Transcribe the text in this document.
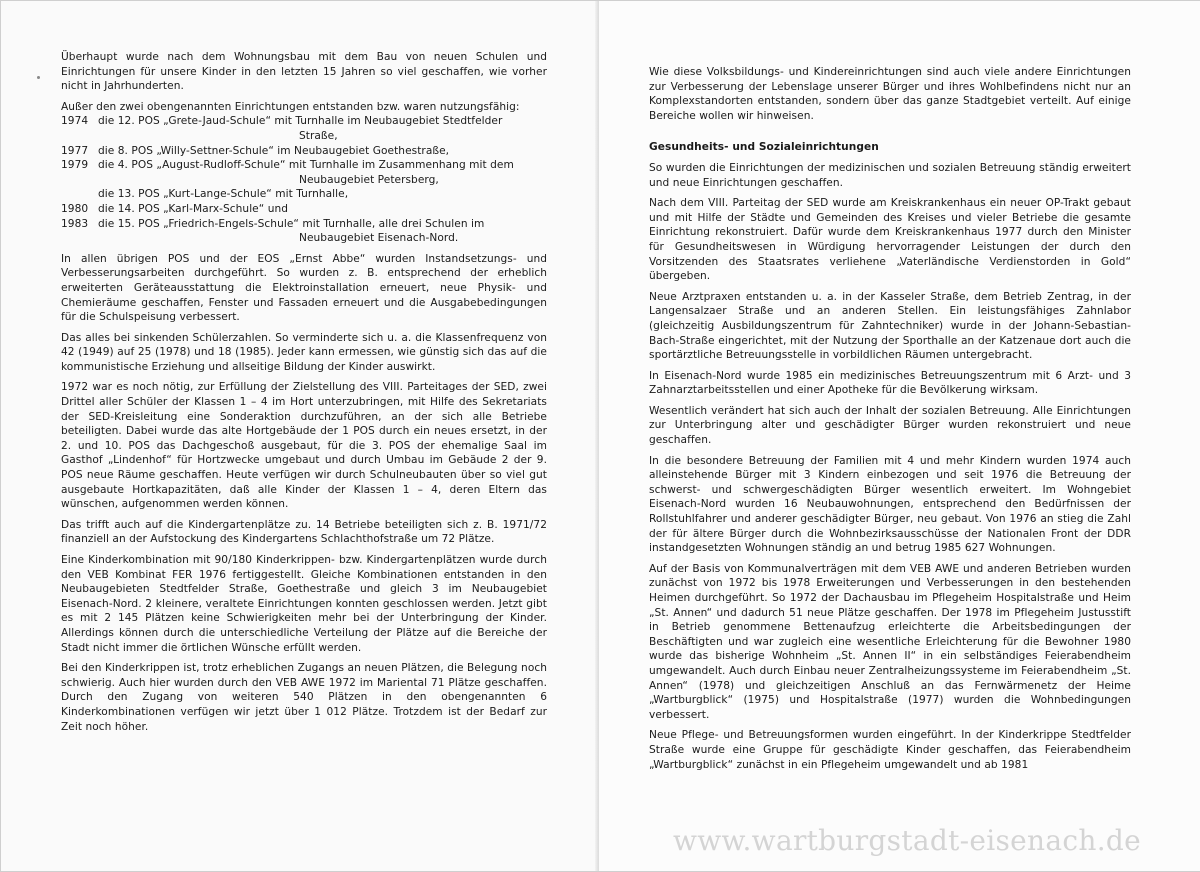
Überhaupt wurde nach dem Wohnungsbau mit dem Bau von neuen Schulen und Einrichtungen für unsere Kinder in den letzten 15 Jahren so viel geschaffen, wie vorher nicht in Jahrhunderten.

Außer den zwei obengenannten Einrichtungen entstanden bzw. waren nutzungsfähig:

1974 die 12. POS „Grete-Jaud-Schule“ mit Turnhalle im Neubaugebiet Stedtfelder
Straße,
1977 die 8. POS „Willy-Settner-Schule“ im Neubaugebiet Goethestraße,
1979 die 4. POS „August-Rudloff-Schule“ mit Turnhalle im Zusammenhang mit dem
Neubaugebiet Petersberg,
die 13. POS „Kurt-Lange-Schule“ mit Turnhalle,
1980 die 14. POS „Karl-Marx-Schule“ und
1983 die 15. POS „Friedrich-Engels-Schule“ mit Turnhalle, alle drei Schulen im
Neubaugebiet Eisenach-Nord.

In allen übrigen POS und der EOS „Ernst Abbe“ wurden Instandsetzungs- und Verbesserungsarbeiten durchgeführt. So wurden z. B. entsprechend der erheblich erweiterten Geräteausstattung die Elektroinstallation erneuert, neue Physik- und Chemieräume geschaffen, Fenster und Fassaden erneuert und die Ausgabebedingungen für die Schulspeisung verbessert.

Das alles bei sinkenden Schülerzahlen. So verminderte sich u. a. die Klassenfrequenz von 42 (1949) auf 25 (1978) und 18 (1985). Jeder kann ermessen, wie günstig sich das auf die kommunistische Erziehung und allseitige Bildung der Kinder auswirkt.

1972 war es noch nötig, zur Erfüllung der Zielstellung des VIII. Parteitages der SED, zwei Drittel aller Schüler der Klassen 1 – 4 im Hort unterzubringen, mit Hilfe des Sekretariats der SED-Kreisleitung eine Sonderaktion durchzuführen, an der sich alle Betriebe beteiligten. Dabei wurde das alte Hortgebäude der 1 POS durch ein neues ersetzt, in der 2. und 10. POS das Dachgeschoß ausgebaut, für die 3. POS der ehemalige Saal im Gasthof „Lindenhof“ für Hortzwecke umgebaut und durch Umbau im Gebäude 2 der 9. POS neue Räume geschaffen. Heute verfügen wir durch Schulneubauten über so viel gut ausgebaute Hortkapazitäten, daß alle Kinder der Klassen 1 – 4, deren Eltern das wünschen, aufgenommen werden können.

Das trifft auch auf die Kindergartenplätze zu. 14 Betriebe beteiligten sich z. B. 1971/72 finanziell an der Aufstockung des Kindergartens Schlachthofstraße um 72 Plätze.

Eine Kinderkombination mit 90/180 Kinderkrippen- bzw. Kindergartenplätzen wurde durch den VEB Kombinat FER 1976 fertiggestellt. Gleiche Kombinationen entstanden in den Neubaugebieten Stedtfelder Straße, Goethestraße und gleich 3 im Neubaugebiet Eisenach-Nord. 2 kleinere, veraltete Einrichtungen konnten geschlossen werden. Jetzt gibt es mit 2 145 Plätzen keine Schwierigkeiten mehr bei der Unterbringung der Kinder. Allerdings können durch die unterschiedliche Verteilung der Plätze auf die Bereiche der Stadt nicht immer die örtlichen Wünsche erfüllt werden.

Bei den Kinderkrippen ist, trotz erheblichen Zugangs an neuen Plätzen, die Belegung noch schwierig. Auch hier wurden durch den VEB AWE 1972 im Mariental 71 Plätze geschaffen. Durch den Zugang von weiteren 540 Plätzen in den obengenannten 6 Kinderkombinationen verfügen wir jetzt über 1 012 Plätze. Trotzdem ist der Bedarf zur Zeit noch höher.

Wie diese Volksbildungs- und Kindereinrichtungen sind auch viele andere Einrichtungen zur Verbesserung der Lebenslage unserer Bürger und ihres Wohlbefindens nicht nur an Komplexstandorten entstanden, sondern über das ganze Stadtgebiet verteilt. Auf einige Bereiche wollen wir hinweisen.

Gesundheits- und Sozialeinrichtungen

So wurden die Einrichtungen der medizinischen und sozialen Betreuung ständig erweitert und neue Einrichtungen geschaffen.

Nach dem VIII. Parteitag der SED wurde am Kreiskrankenhaus ein neuer OP-Trakt gebaut und mit Hilfe der Städte und Gemeinden des Kreises und vieler Betriebe die gesamte Einrichtung rekonstruiert. Dafür wurde dem Kreiskrankenhaus 1977 durch den Minister für Gesundheitswesen in Würdigung hervorragender Leistungen der durch den Vorsitzenden des Staatsrates verliehene „Vaterländische Verdienstorden in Gold“ übergeben.

Neue Arztpraxen entstanden u. a. in der Kasseler Straße, dem Betrieb Zentrag, in der Langensalzaer Straße und an anderen Stellen. Ein leistungsfähiges Zahnlabor (gleichzeitig Ausbildungszentrum für Zahntechniker) wurde in der Johann-Sebastian-Bach-Straße eingerichtet, mit der Nutzung der Sporthalle an der Katzenaue dort auch die sportärztliche Betreuungsstelle in vorbildlichen Räumen untergebracht.

In Eisenach-Nord wurde 1985 ein medizinisches Betreuungszentrum mit 6 Arzt- und 3 Zahnarztarbeitsstellen und einer Apotheke für die Bevölkerung wirksam.

Wesentlich verändert hat sich auch der Inhalt der sozialen Betreuung. Alle Einrichtungen zur Unterbringung alter und geschädigter Bürger wurden rekonstruiert und neue geschaffen.

In die besondere Betreuung der Familien mit 4 und mehr Kindern wurden 1974 auch alleinstehende Bürger mit 3 Kindern einbezogen und seit 1976 die Betreuung der schwerst- und schwergeschädigten Bürger wesentlich erweitert. Im Wohngebiet Eisenach-Nord wurden 16 Neubauwohnungen, entsprechend den Bedürfnissen der Rollstuhlfahrer und anderer geschädigter Bürger, neu gebaut. Von 1976 an stieg die Zahl der für ältere Bürger durch die Wohnbezirksausschüsse der Nationalen Front der DDR instandgesetzten Wohnungen ständig an und betrug 1985 627 Wohnungen.

Auf der Basis von Kommunalverträgen mit dem VEB AWE und anderen Betrieben wurden zunächst von 1972 bis 1978 Erweiterungen und Verbesserungen in den bestehenden Heimen durchgeführt. So 1972 der Dachausbau im Pflegeheim Hospitalstraße und Heim „St. Annen“ und dadurch 51 neue Plätze geschaffen. Der 1978 im Pflegeheim Justusstift in Betrieb genommene Bettenaufzug erleichterte die Arbeitsbedingungen der Beschäftigten und war zugleich eine wesentliche Erleichterung für die Bewohner 1980 wurde das bisherige Wohnheim „St. Annen II“ in ein selbständiges Feierabendheim umgewandelt. Auch durch Einbau neuer Zentralheizungssysteme im Feierabendheim „St. Annen“ (1978) und gleichzeitigen Anschluß an das Fernwärmenetz der Heime „Wartburgblick“ (1975) und Hospitalstraße (1977) wurden die Wohnbedingungen verbessert.

Neue Pflege- und Betreuungsformen wurden eingeführt. In der Kinderkrippe Stedtfelder Straße wurde eine Gruppe für geschädigte Kinder geschaffen, das Feierabendheim „Wartburgblick“ zunächst in ein Pflegeheim umgewandelt und ab 1981

www.wartburgstadt-eisenach.de
